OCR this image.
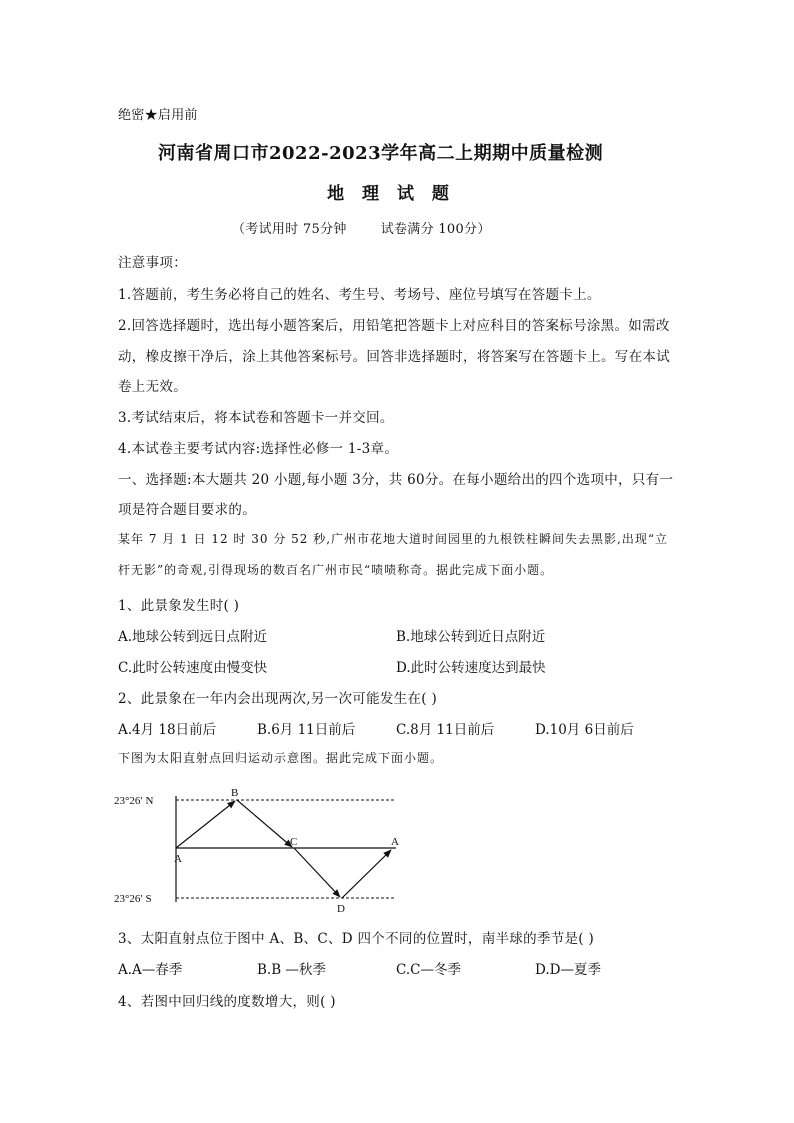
绝密★启用前
河南省周口市2022-2023学年高二上期期中质量检测
地 理 试 题
（考试用时 75分钟	试卷满分 100分）
注意事项：
1.答题前，考生务必将自己的姓名、考生号、考场号、座位号填写在答题卡上。
2.回答选择题时，选出每小题答案后，用铅笔把答题卡上对应科目的答案标号涂黑。如需改
动，橡皮擦干净后，涂上其他答案标号。回答非选择题时，将答案写在答题卡上。写在本试
卷上无效。
3.考试结束后，将本试卷和答题卡一并交回。
4.本试卷主要考试内容:选择性必修一 1-3章。
一、选择题:本大题共 20 小题,每小题 3分，共 60分。在每小题给出的四个选项中，只有一
项是符合题目要求的。
某年 7 月 1 日 12 时 30 分 52 秒,广州市花地大道时间园里的九根铁柱瞬间失去黑影,出现“立
杆无影”的奇观,引得现场的数百名广州市民“啧啧称奇。据此完成下面小题。
1、此景象发生时( )
A.地球公转到远日点附近	B.地球公转到近日点附近
C.此时公转速度由慢变快	D.此时公转速度达到最快
2、此景象在一年内会出现两次,另一次可能发生在( )
A.4月 18日前后	B.6月 11日前后	C.8月 11日前后	D.10月 6日前后
下图为太阳直射点回归运动示意图。据此完成下面小题。
23°26′ N
23°26′ S
A
B
C
D
A
3、太阳直射点位于图中 A、B、C、D 四个不同的位置时，南半球的季节是( )
A.A—春季	B.B —秋季	C.C—冬季	D.D—夏季
4、若图中回归线的度数增大，则( )
